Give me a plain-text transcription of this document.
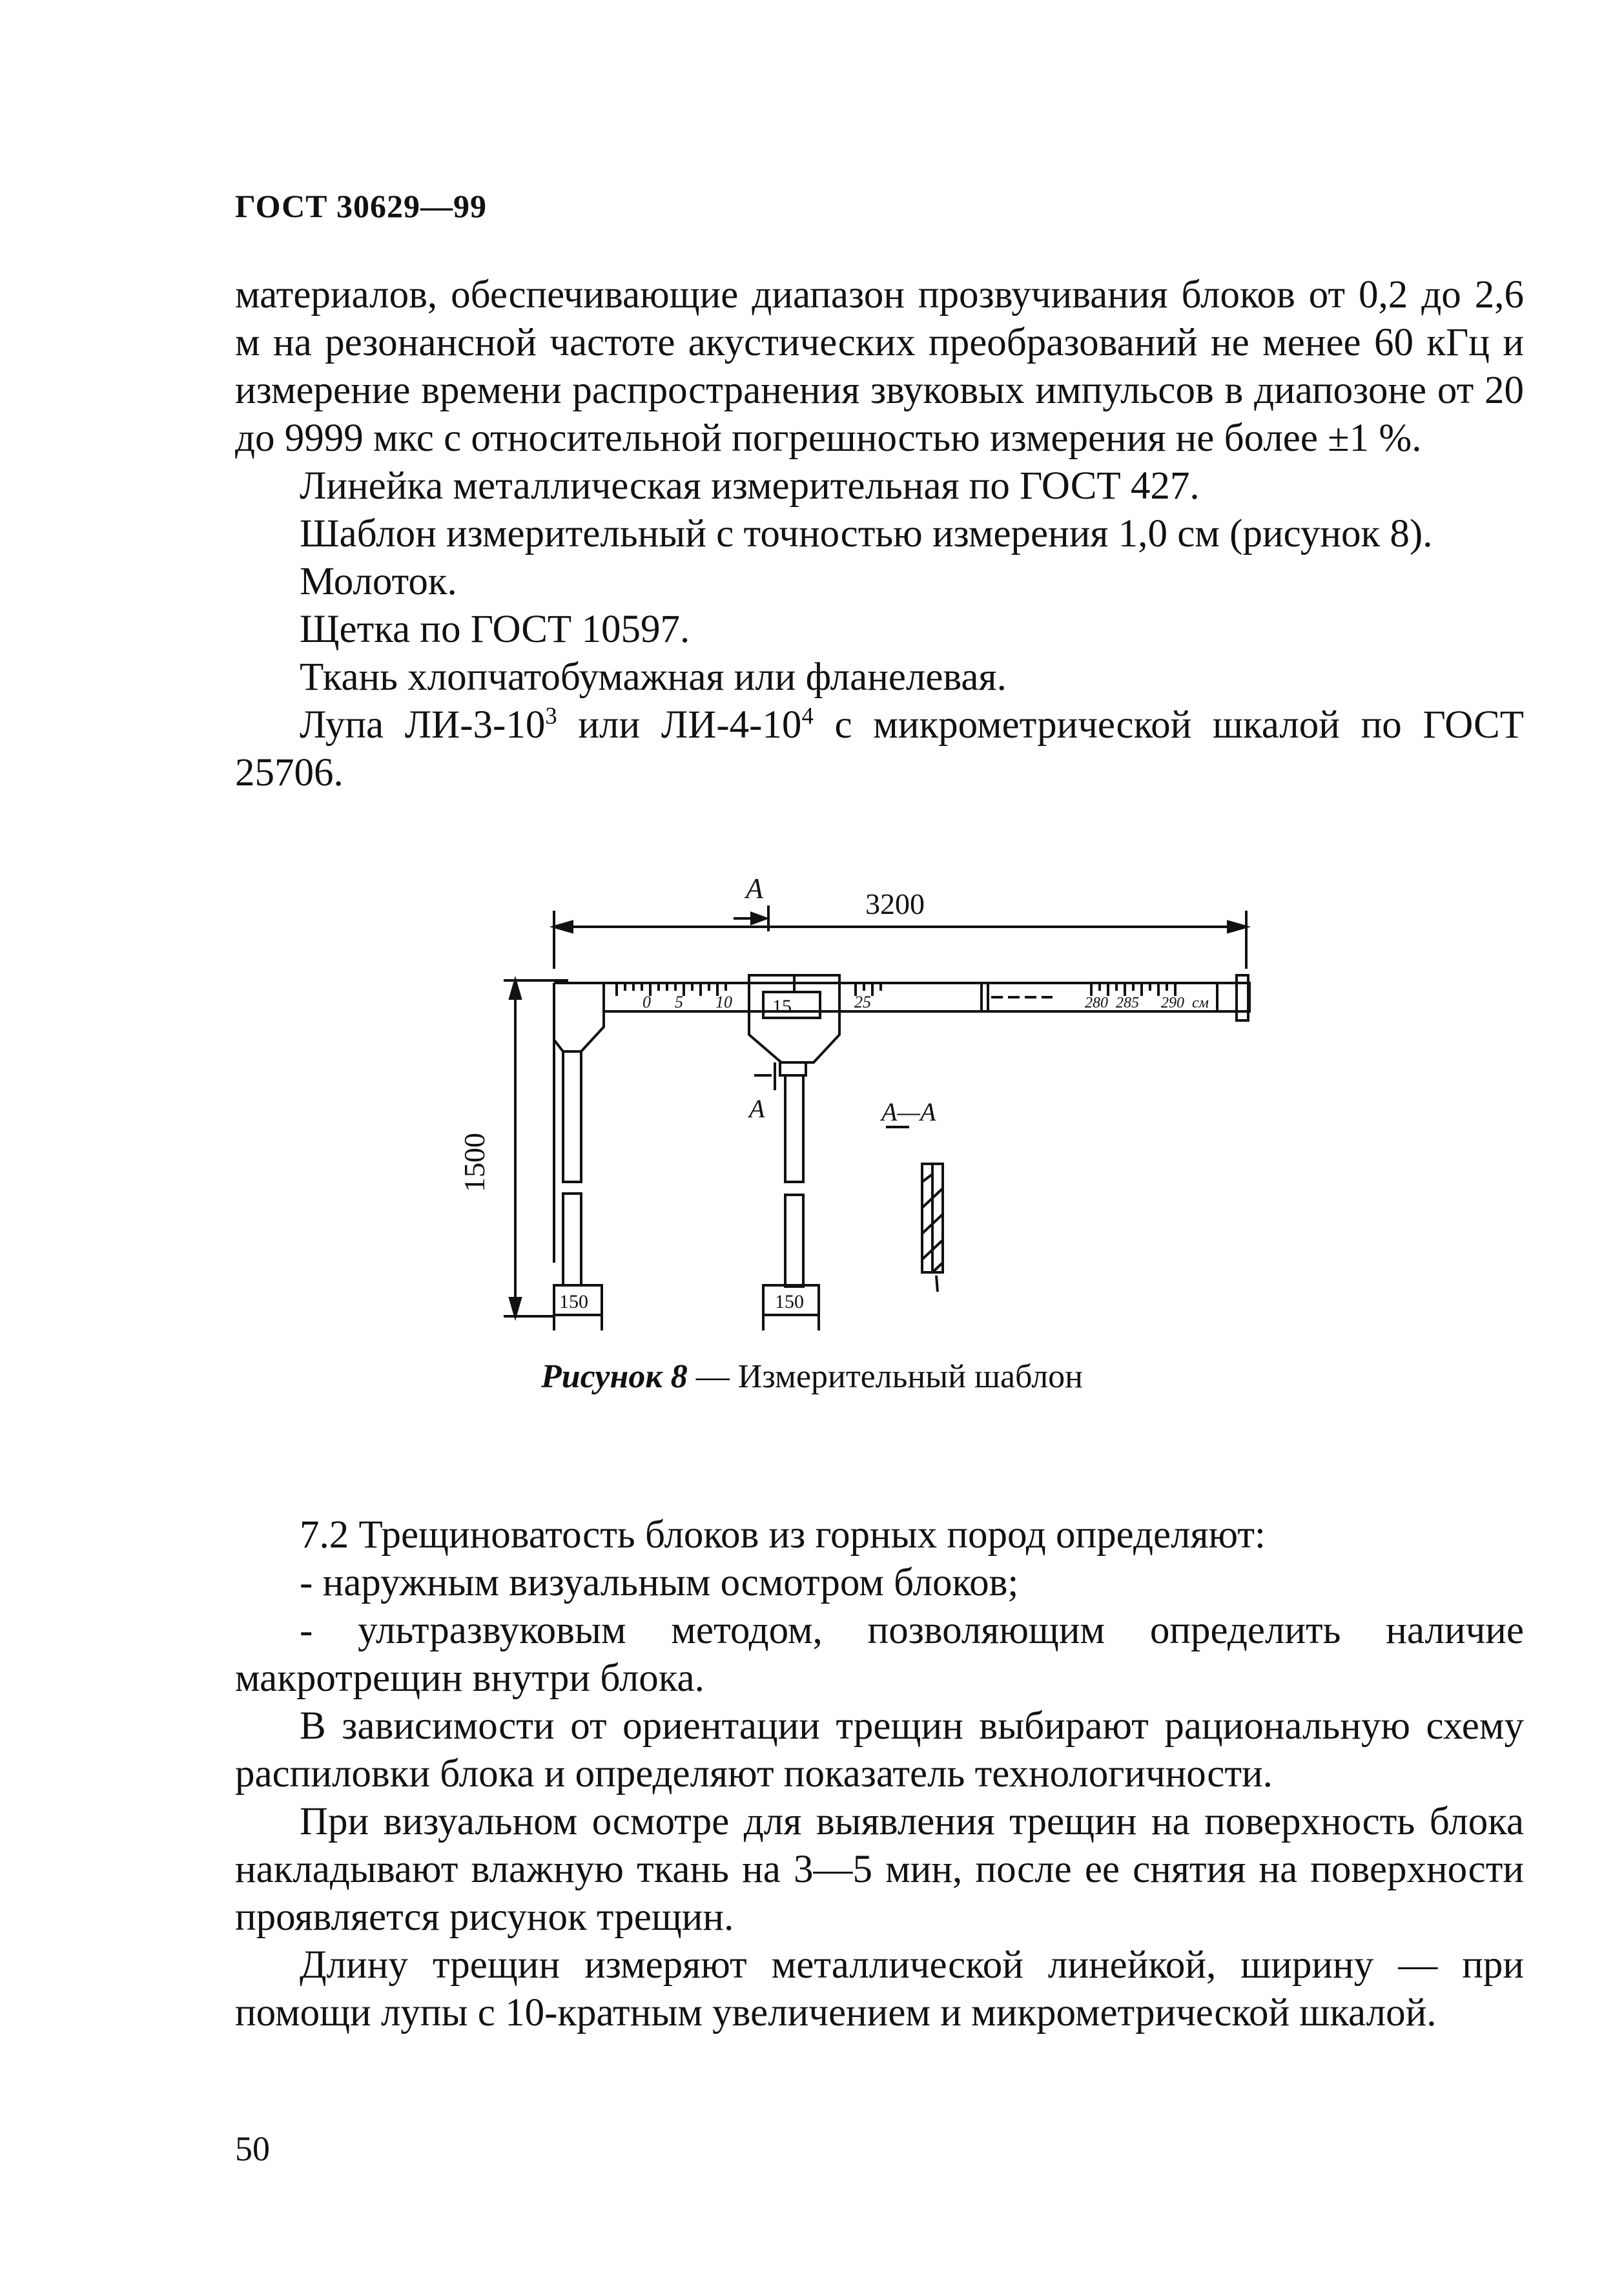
ГОСТ 30629—99

материалов, обеспечивающие диапазон прозвучивания блоков от 0,2 до 2,6 м на резонансной частоте акустических преобразований не менее 60 кГц и измерение времени распространения звуковых импульсов в диапозоне от 20 до 9999 мкс с относительной погрешностью измерения не более ±1 %.

Линейка металлическая измерительная по ГОСТ 427.

Шаблон измерительный с точностью измерения 1,0 см (рисунок 8).

Молоток.

Щетка по ГОСТ 10597.

Ткань хлопчатобумажная или фланелевая.

Лупа $ЛИ-3-10^3$ или $ЛИ-4-10^4$ с микрометрической шкалой по ГОСТ 25706.

А	3200
1500
0 5 10 15	25	280 285 290 см
А	А—А
150	150
Рисунок 8 — Измерительный шаблон

7.2 Трещиноватость блоков из горных пород определяют:

- наружным визуальным осмотром блоков;

- ультразвуковым методом, позволяющим определить наличие макротрещин внутри блока.

В зависимости от ориентации трещин выбирают рациональную схему распиловки блока и определяют показатель технологичности.

При визуальном осмотре для выявления трещин на поверхность блока накладывают влажную ткань на 3—5 мин, после ее снятия на поверхности проявляется рисунок трещин.

Длину трещин измеряют металлической линейкой, ширину — при помощи лупы с 10-кратным увеличением и микрометрической шкалой.

50
